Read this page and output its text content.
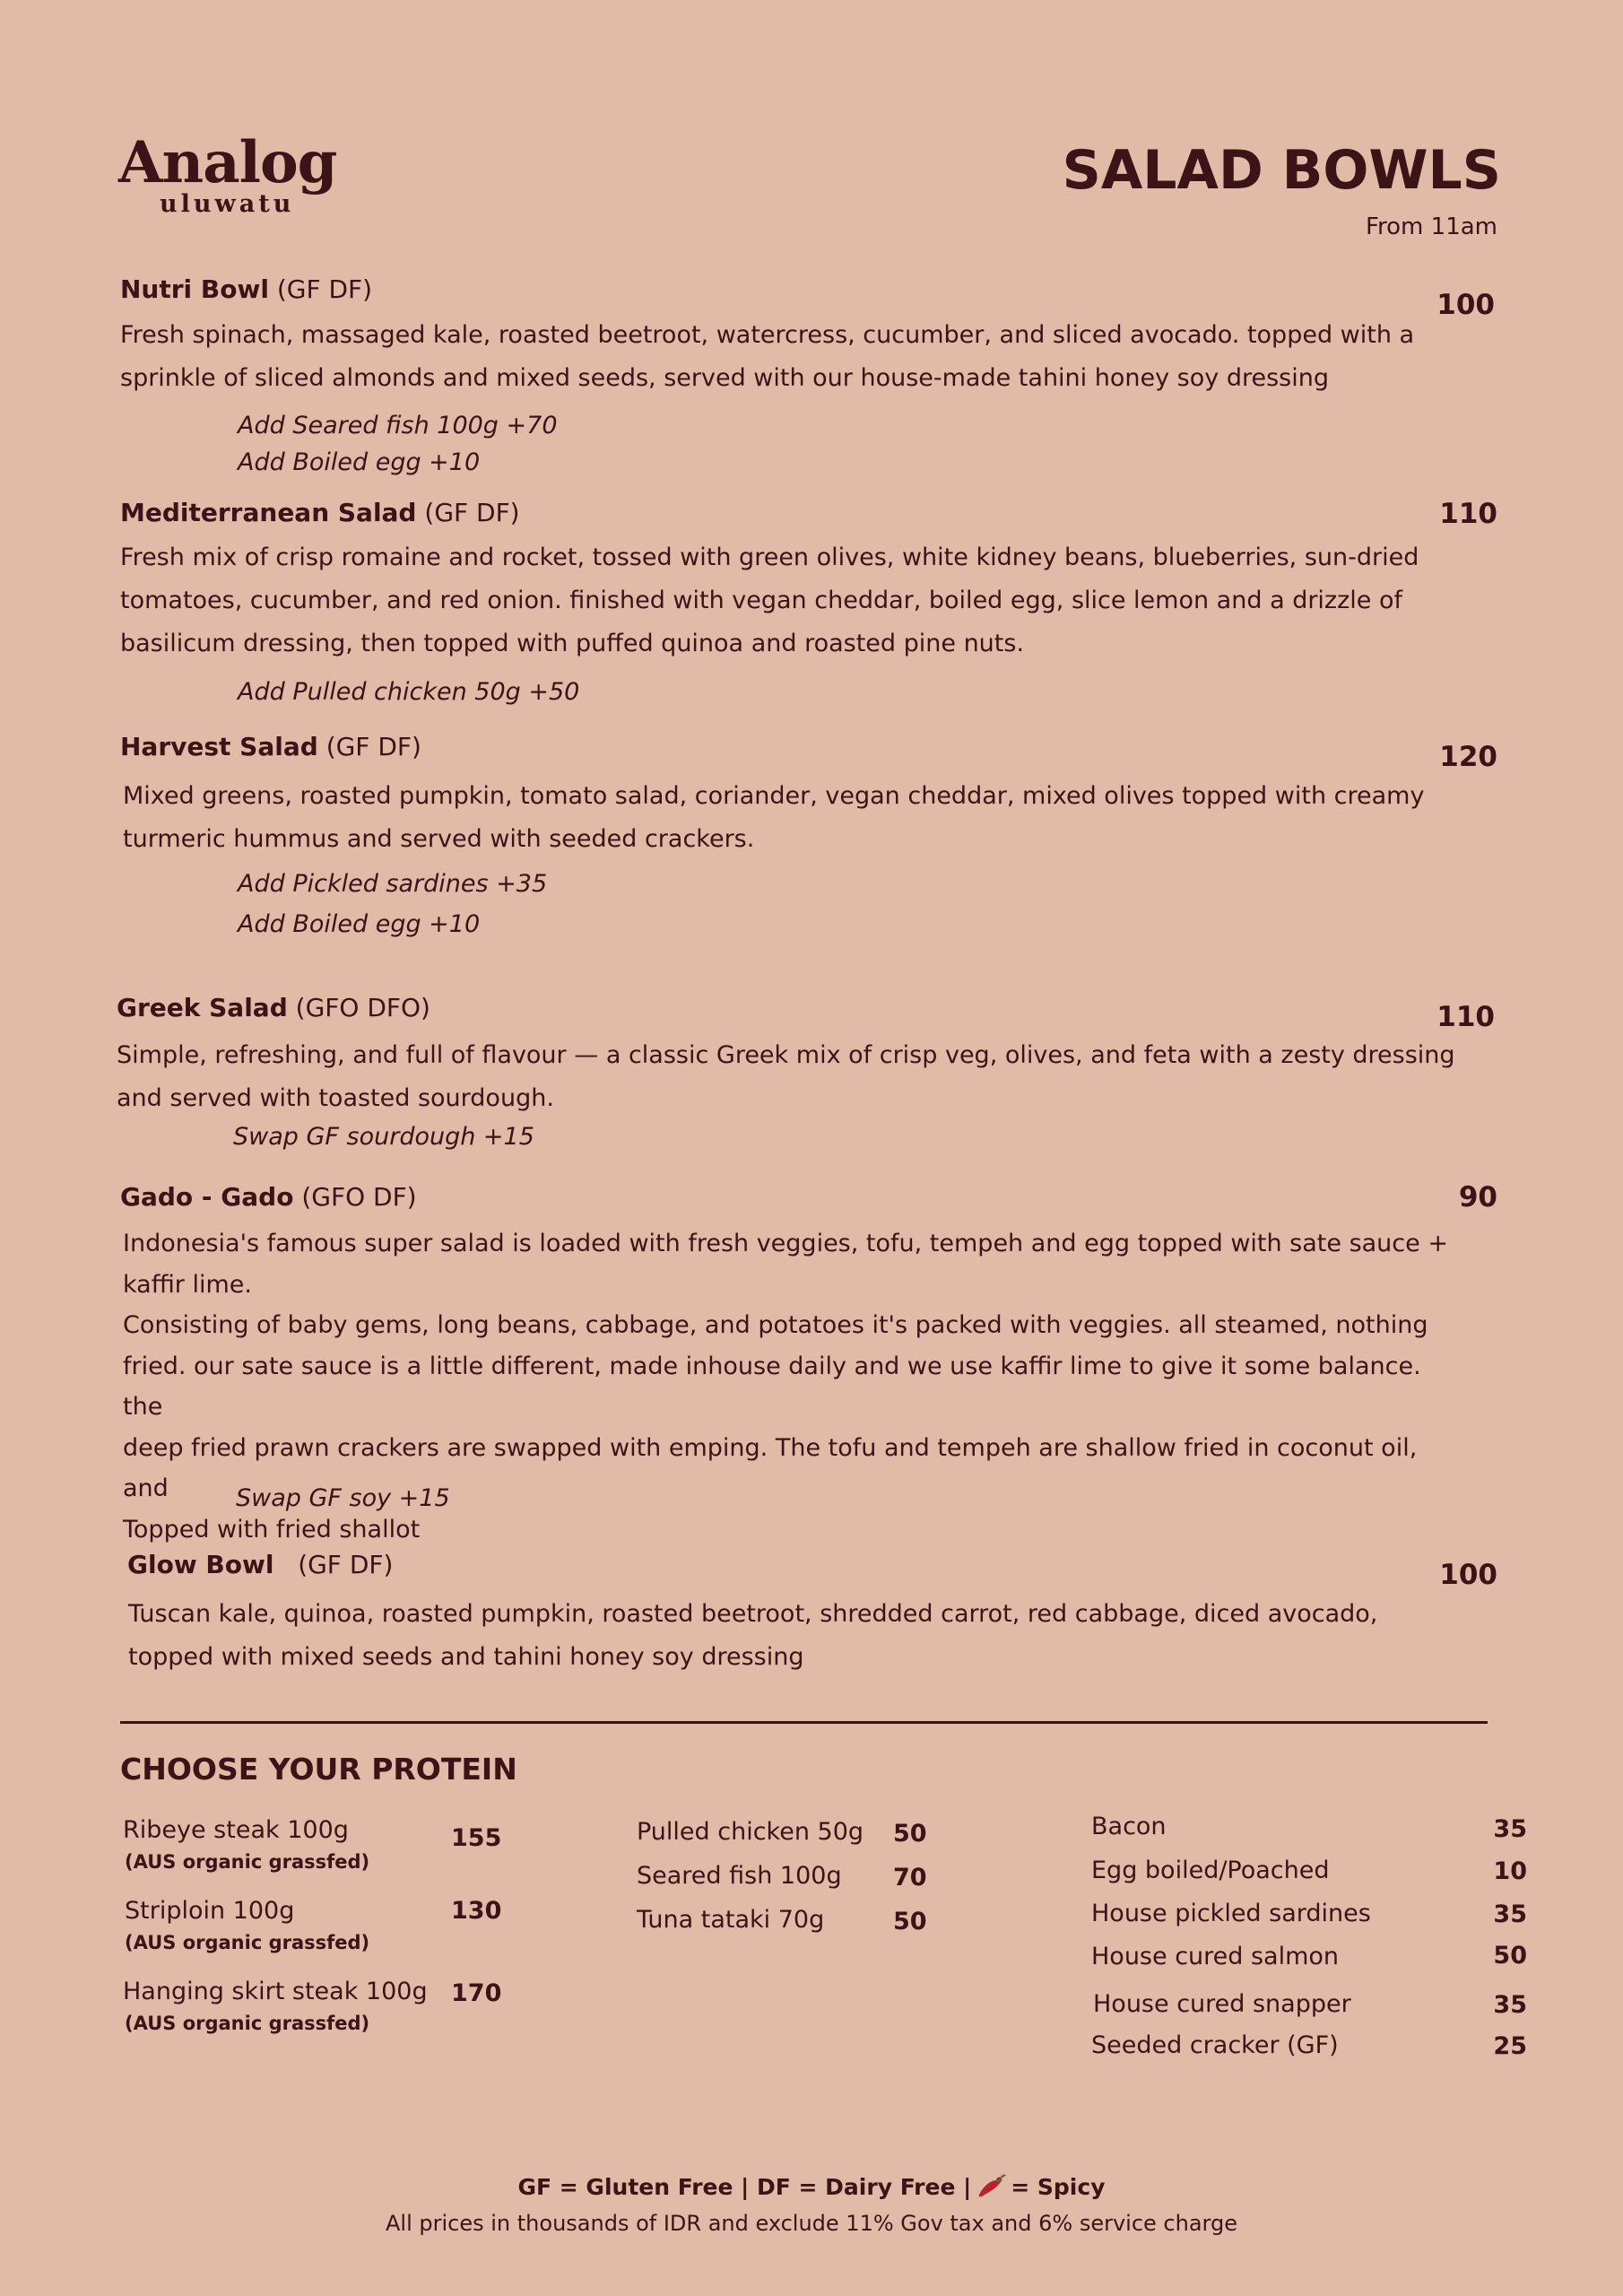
Analog
uluwatu
SALAD BOWLS
From 11am
Nutri Bowl (GF DF)	100
Fresh spinach, massaged kale, roasted beetroot, watercress, cucumber, and sliced avocado. topped with a
sprinkle of sliced almonds and mixed seeds, served with our house-made tahini honey soy dressing
Add Seared fish 100g +70
Add Boiled egg +10
Mediterranean Salad (GF DF)	110
Fresh mix of crisp romaine and rocket, tossed with green olives, white kidney beans, blueberries, sun-dried
tomatoes, cucumber, and red onion. finished with vegan cheddar, boiled egg, slice lemon and a drizzle of
basilicum dressing, then topped with puffed quinoa and roasted pine nuts.
Add Pulled chicken 50g +50
Harvest Salad (GF DF)	120
Mixed greens, roasted pumpkin, tomato salad, coriander, vegan cheddar, mixed olives topped with creamy
turmeric hummus and served with seeded crackers.
Add Pickled sardines +35
Add Boiled egg +10
Greek Salad (GFO DFO)	110
Simple, refreshing, and full of flavour — a classic Greek mix of crisp veg, olives, and feta with a zesty dressing
and served with toasted sourdough.
Swap GF sourdough +15
Gado - Gado (GFO DF)	90
Indonesia's famous super salad is loaded with fresh veggies, tofu, tempeh and egg topped with sate sauce +
kaffir lime.
Consisting of baby gems, long beans, cabbage, and potatoes it's packed with veggies. all steamed, nothing
fried. our sate sauce is a little different, made inhouse daily and we use kaffir lime to give it some balance. the
deep fried prawn crackers are swapped with emping. The tofu and tempeh are shallow fried in coconut oil, and
Topped with fried shallot
Swap GF soy +15
Glow Bowl (GF DF)	100
Tuscan kale, quinoa, roasted pumpkin, roasted beetroot, shredded carrot, red cabbage, diced avocado,
topped with mixed seeds and tahini honey soy dressing
CHOOSE YOUR PROTEIN
Ribeye steak 100g
(AUS organic grassfed)
155
Striploin 100g
(AUS organic grassfed)
130
Hanging skirt steak 100g
(AUS organic grassfed)
170
Pulled chicken 50g 50
Seared fish 100g 70
Tuna tataki 70g	50
Bacon	35
Egg boiled/Poached	10
House pickled sardines	35
House cured salmon	50
House cured snapper	35
Seeded cracker (GF)	25
GF = Gluten Free | DF = Dairy Free | = Spicy
All prices in thousands of IDR and exclude 11% Gov tax and 6% service charge
